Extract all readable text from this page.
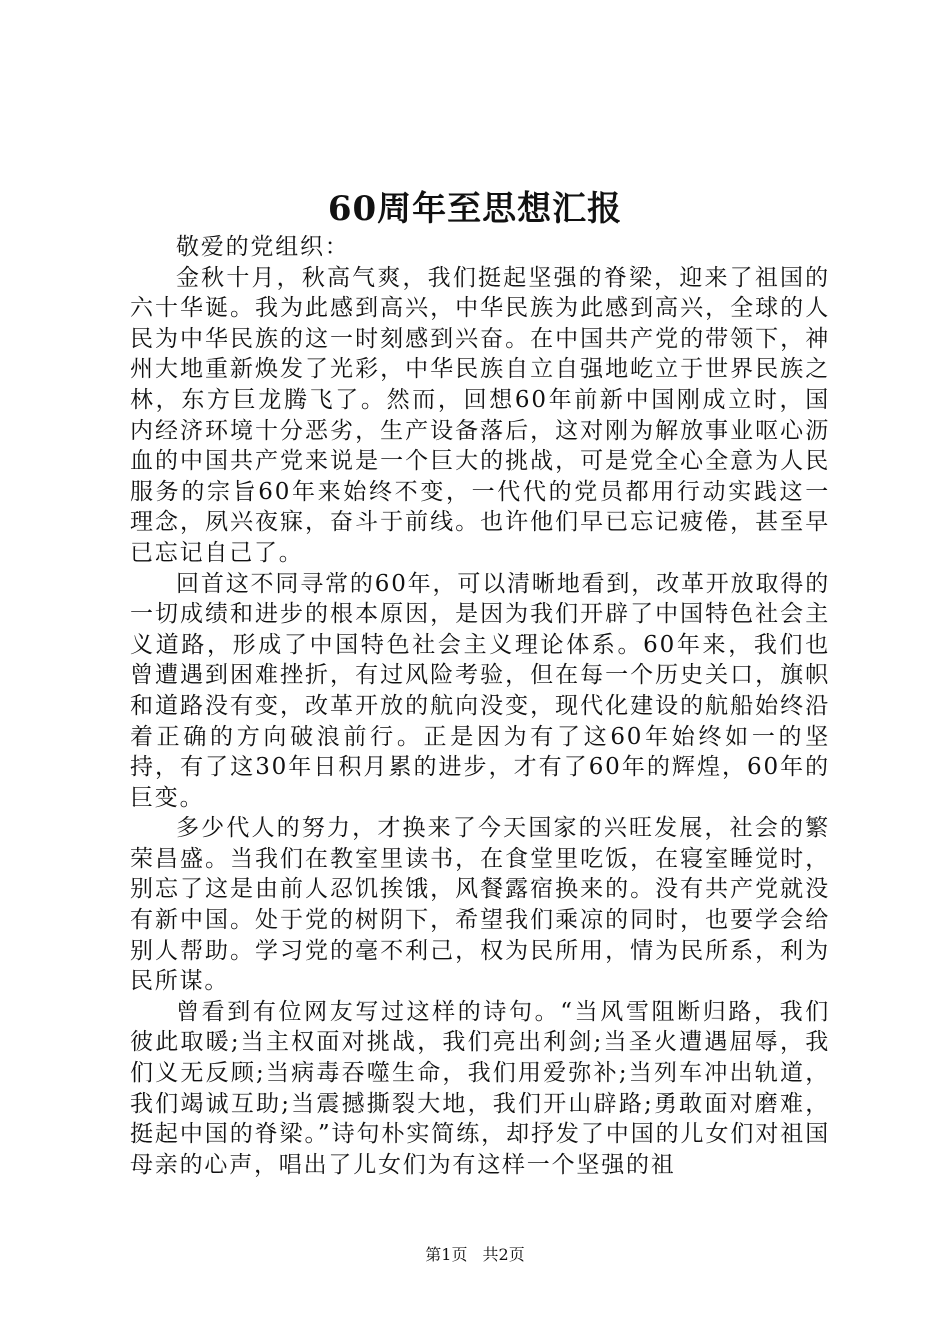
60周年至思想汇报

敬爱的党组织：

金秋十月，秋高气爽，我们挺起坚强的脊梁，迎来了祖国的六十华诞。我为此感到高兴，中华民族为此感到高兴，全球的人民为中华民族的这一时刻感到兴奋。在中国共产党的带领下，神州大地重新焕发了光彩，中华民族自立自强地屹立于世界民族之林，东方巨龙腾飞了。然而，回想60年前新中国刚成立时，国内经济环境十分恶劣，生产设备落后，这对刚为解放事业呕心沥血的中国共产党来说是一个巨大的挑战，可是党全心全意为人民服务的宗旨60年来始终不变，一代代的党员都用行动实践这一理念，夙兴夜寐，奋斗于前线。也许他们早已忘记疲倦，甚至早已忘记自己了。

回首这不同寻常的60年，可以清晰地看到，改革开放取得的一切成绩和进步的根本原因，是因为我们开辟了中国特色社会主义道路，形成了中国特色社会主义理论体系。60年来，我们也曾遭遇到困难挫折，有过风险考验，但在每一个历史关口，旗帜和道路没有变，改革开放的航向没变，现代化建设的航船始终沿着正确的方向破浪前行。正是因为有了这60年始终如一的坚持，有了这30年日积月累的进步，才有了60年的辉煌，60年的巨变。

多少代人的努力，才换来了今天国家的兴旺发展，社会的繁荣昌盛。当我们在教室里读书，在食堂里吃饭，在寝室睡觉时，别忘了这是由前人忍饥挨饿，风餐露宿换来的。没有共产党就没有新中国。处于党的树阴下，希望我们乘凉的同时，也要学会给别人帮助。学习党的毫不利己，权为民所用，情为民所系，利为民所谋。

曾看到有位网友写过这样的诗句。“当风雪阻断归路，我们彼此取暖;当主权面对挑战，我们亮出利剑;当圣火遭遇屈辱，我们义无反顾;当病毒吞噬生命，我们用爱弥补;当列车冲出轨道，我们竭诚互助;当震撼撕裂大地，我们开山辟路;勇敢面对磨难，挺起中国的脊梁。”诗句朴实简练，却抒发了中国的儿女们对祖国母亲的心声，唱出了儿女们为有这样一个坚强的祖

第1页 共2页
